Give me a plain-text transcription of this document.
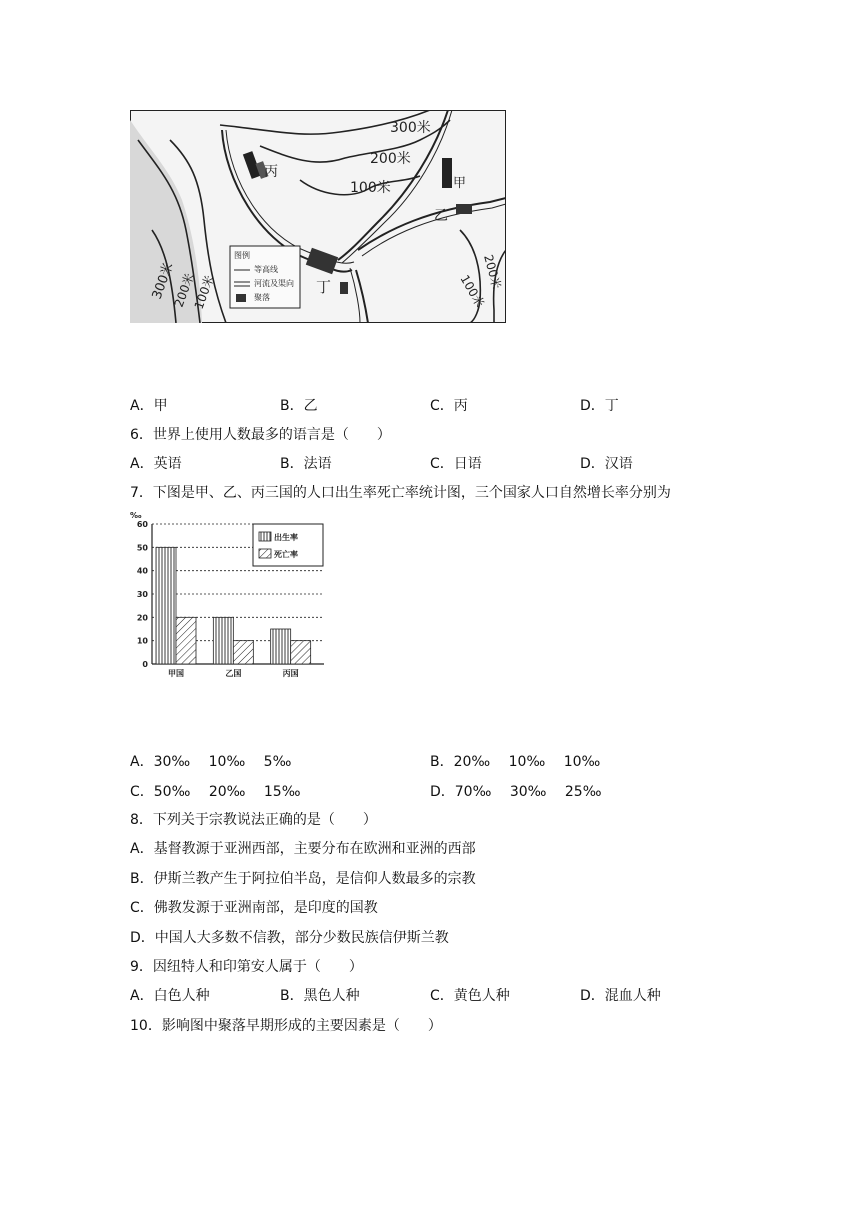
300米
200米
100米
300米
200米
100米
200米
100米
丙
甲
乙
丁
图例
等高线
河流及渠向
聚落
A．甲	B．乙	C．丙	D．丁
6．世界上使用人数最多的语言是（　　）
A．英语	B．法语	C．日语	D．汉语
7．下图是甲、乙、丙三国的人口出生率死亡率统计图，三个国家人口自然增长率分别为
0
10
20
30
40
50
60
甲国	乙国	丙国
‰
出生率
死亡率
A．30‰　 10‰　 5‰	B．20‰　 10‰　 10‰
C．50‰　 20‰　 15‰	D．70‰　 30‰　 25‰
8．下列关于宗教说法正确的是（　　）
A．基督教源于亚洲西部，主要分布在欧洲和亚洲的西部
B．伊斯兰教产生于阿拉伯半岛，是信仰人数最多的宗教
C．佛教发源于亚洲南部，是印度的国教
D．中国人大多数不信教，部分少数民族信伊斯兰教
9．因纽特人和印第安人属于（　　）
A．白色人种	B．黑色人种	C．黄色人种	D．混血人种
10．影响图中聚落早期形成的主要因素是（　　）
